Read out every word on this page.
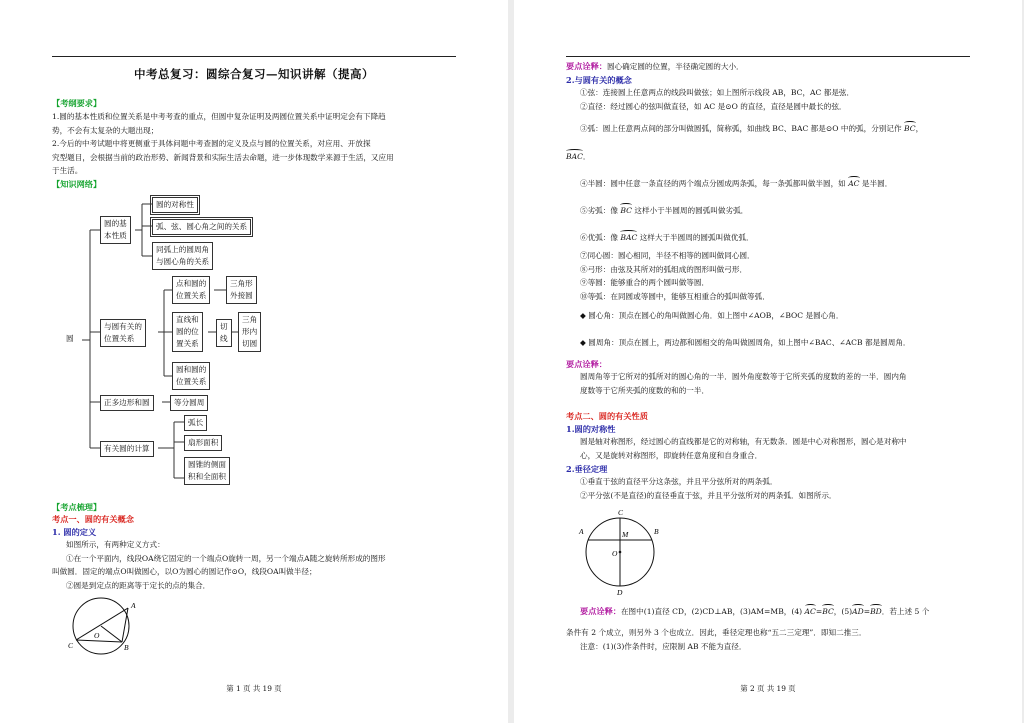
中考总复习：圆综合复习—知识讲解（提高）
【考纲要求】
1.圆的基本性质和位置关系是中考考查的重点，但圆中复杂证明及两圆位置关系中证明定会有下降趋
势，不会有太复杂的大题出现；
2.今后的中考试题中将更侧重于具体问题中考查圆的定义及点与圆的位置关系，对应用、开放探
究型题目，会根据当前的政治形势、新闻背景和实际生活去命题，进一步体现数学来源于生活，又应用
于生活。
【知识网络】
圆
圆的基
本性质
圆的对称性
弧、弦、圆心角之间的关系
同弧上的圆周角
与圆心角的关系
与圆有关的
位置关系
点和圆的
位置关系
三角形
外接圆
直线和
圆的位
置关系
切
线
三角
形内
切圆
圆和圆的
位置关系
正多边形和圆	等分圆周
有关圆的计算
弧长
扇形面积
圆锥的侧面
积和全面积
【考点梳理】
考点一、圆的有关概念
1. 圆的定义
如图所示，有两种定义方式：
①在一个平面内，线段OA绕它固定的一个端点O旋转一周，另一个端点A随之旋转所形成的图形
叫做圆．固定的端点O叫做圆心，以O为圆心的圆记作⊙O，线段OA叫做半径；
②圆是到定点的距离等于定长的点的集合．
A
O
B
C
第 1 页 共 19 页
要点诠释：圆心确定圆的位置，半径确定圆的大小．
2.与圆有关的概念
①弦：连接圆上任意两点的线段叫做弦；如上图所示线段 AB，BC，AC 都是弦．
②直径：经过圆心的弦叫做直径，如 AC 是⊙O 的直径，直径是圆中最长的弦．
③弧：圆上任意两点间的部分叫做圆弧，简称弧，如曲线 BC、BAC 都是⊙O 中的弧，分别记作 BC，
BAC．
④半圆：圆中任意一条直径的两个端点分圆成两条弧，每一条弧都叫做半圆，如 AC 是半圆．
⑤劣弧：像 BC 这样小于半圆周的圆弧叫做劣弧．
⑥优弧：像 BAC 这样大于半圆周的圆弧叫做优弧．
⑦同心圆：圆心相同，半径不相等的圆叫做同心圆．
⑧弓形：由弦及其所对的弧组成的图形叫做弓形．
⑨等圆：能够重合的两个圆叫做等圆．
⑩等弧：在同圆或等圆中，能够互相重合的弧叫做等弧．
◆ 圆心角：顶点在圆心的角叫做圆心角．如上图中∠AOB，∠BOC 是圆心角．
◆ 圆周角：顶点在圆上，两边都和圆相交的角叫做圆周角，如上图中∠BAC、∠ACB 都是圆周角．
要点诠释：
圆周角等于它所对的弧所对的圆心角的一半．圆外角度数等于它所夹弧的度数的差的一半．圆内角
度数等于它所夹弧的度数的和的一半．
考点二、圆的有关性质
1.圆的对称性
圆是轴对称图形，经过圆心的直线都是它的对称轴，有无数条．圆是中心对称图形，圆心是对称中
心，又是旋转对称图形，即旋转任意角度和自身重合．
2.垂径定理
①垂直于弦的直径平分这条弦，并且平分弦所对的两条弧．
②平分弦(不是直径)的直径垂直于弦，并且平分弦所对的两条弧．如图所示．
A	B
C
D
M
O
要点诠释：在图中(1)直径 CD，(2)CD⊥AB，(3)AM=MB，(4) AC=
BC，(5)
AD=
BD．若上述 5 个
条件有 2 个成立，则另外 3 个也成立．因此，垂径定理也称“五二三定理”．即知二推三．
注意：(1)(3)作条件时，应限制 AB 不能为直径．
第 2 页 共 19 页
